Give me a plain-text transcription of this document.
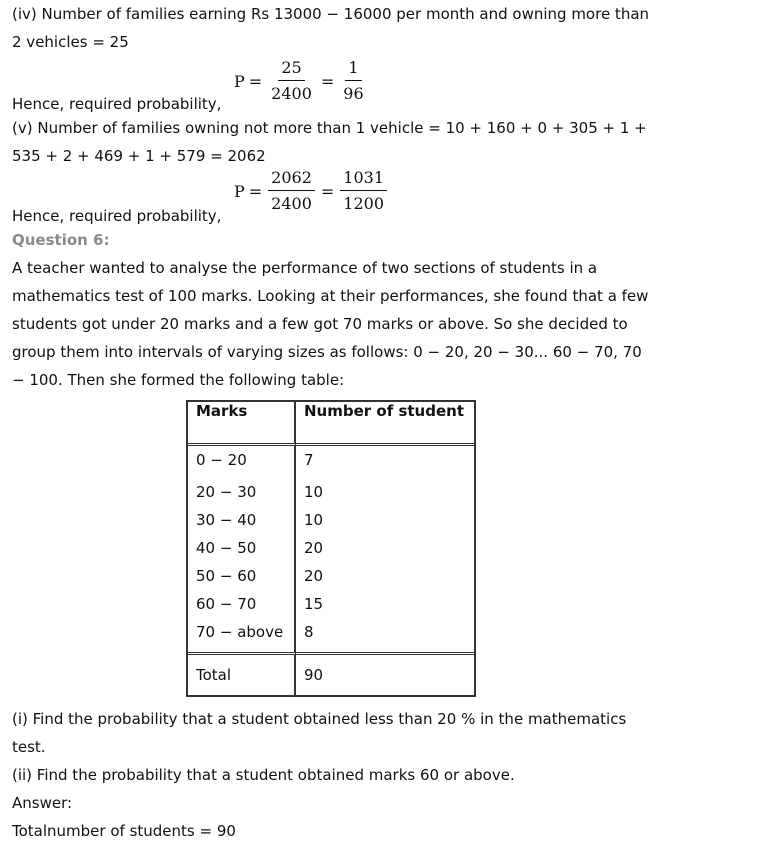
(iv) Number of families earning Rs 13000 − 16000 per month and owning more than
2 vehicles = 25
Hence, required probability,
$P = \frac{25}{2400} = \frac{1}{96}$
(v) Number of families owning not more than 1 vehicle = 10 + 160 + 0 + 305 + 1 +
535 + 2 + 469 + 1 + 579 = 2062
Hence, required probability,
$P = \frac{2062}{2400} = \frac{1031}{1200}$
Question 6:
A teacher wanted to analyse the performance of two sections of students in a
mathematics test of 100 marks. Looking at their performances, she found that a few
students got under 20 marks and a few got 70 marks or above. So she decided to
group them into intervals of varying sizes as follows: 0 − 20, 20 − 30... 60 − 70, 70
− 100. Then she formed the following table:
Marks	Number of student
0 − 20	7
20 − 30	10
30 − 40	10
40 − 50	20
50 − 60	20
60 − 70	15
70 − above	8
Total	90
(i) Find the probability that a student obtained less than 20 % in the mathematics
test.
(ii) Find the probability that a student obtained marks 60 or above.
Answer:
Totalnumber of students = 90
